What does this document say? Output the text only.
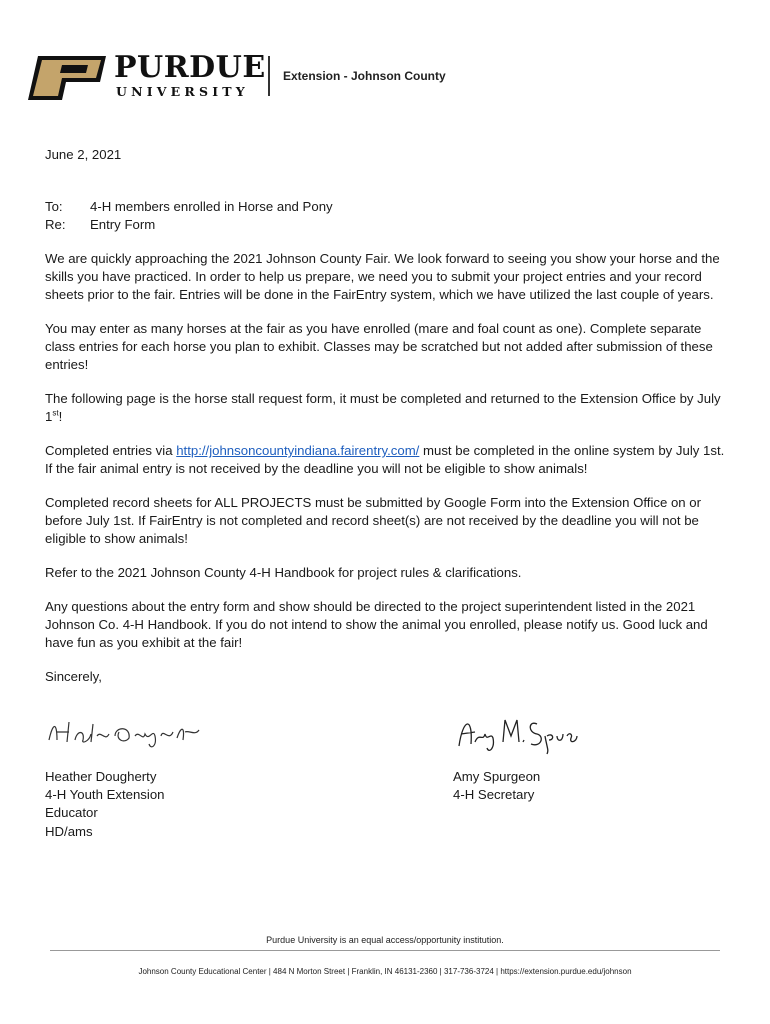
PURDUE
UNIVERSITY
Extension - Johnson County
June 2, 2021
To:	4-H members enrolled in Horse and Pony
Re:	Entry Form

We are quickly approaching the 2021 Johnson County Fair. We look forward to seeing you show your horse and the skills you have practiced. In order to help us prepare, we need you to submit your project entries and your record sheets prior to the fair. Entries will be done in the FairEntry system, which we have utilized the last couple of years.

You may enter as many horses at the fair as you have enrolled (mare and foal count as one). Complete separate class entries for each horse you plan to exhibit. Classes may be scratched but not added after submission of these entries!

The following page is the horse stall request form, it must be completed and returned to the Extension Office by July 1st!

Completed entries via http://johnsoncountyindiana.fairentry.com/ must be completed in the online system by July 1st. If the fair animal entry is not received by the deadline you will not be eligible to show animals!

Completed record sheets for ALL PROJECTS must be submitted by Google Form into the Extension Office on or before July 1st. If FairEntry is not completed and record sheet(s) are not received by the deadline you will not be eligible to show animals!

Refer to the 2021 Johnson County 4-H Handbook for project rules & clarifications.

Any questions about the entry form and show should be directed to the project superintendent listed in the 2021 Johnson Co. 4-H Handbook. If you do not intend to show the animal you enrolled, please notify us. Good luck and have fun as you exhibit at the fair!

Sincerely,

Heather Dougherty
4-H Youth Extension Educator
Amy Spurgeon
4-H Secretary
HD/ams
Purdue University is an equal access/opportunity institution.
Johnson County Educational Center | 484 N Morton Street | Franklin, IN 46131-2360 | 317-736-3724 | https://extension.purdue.edu/johnson
